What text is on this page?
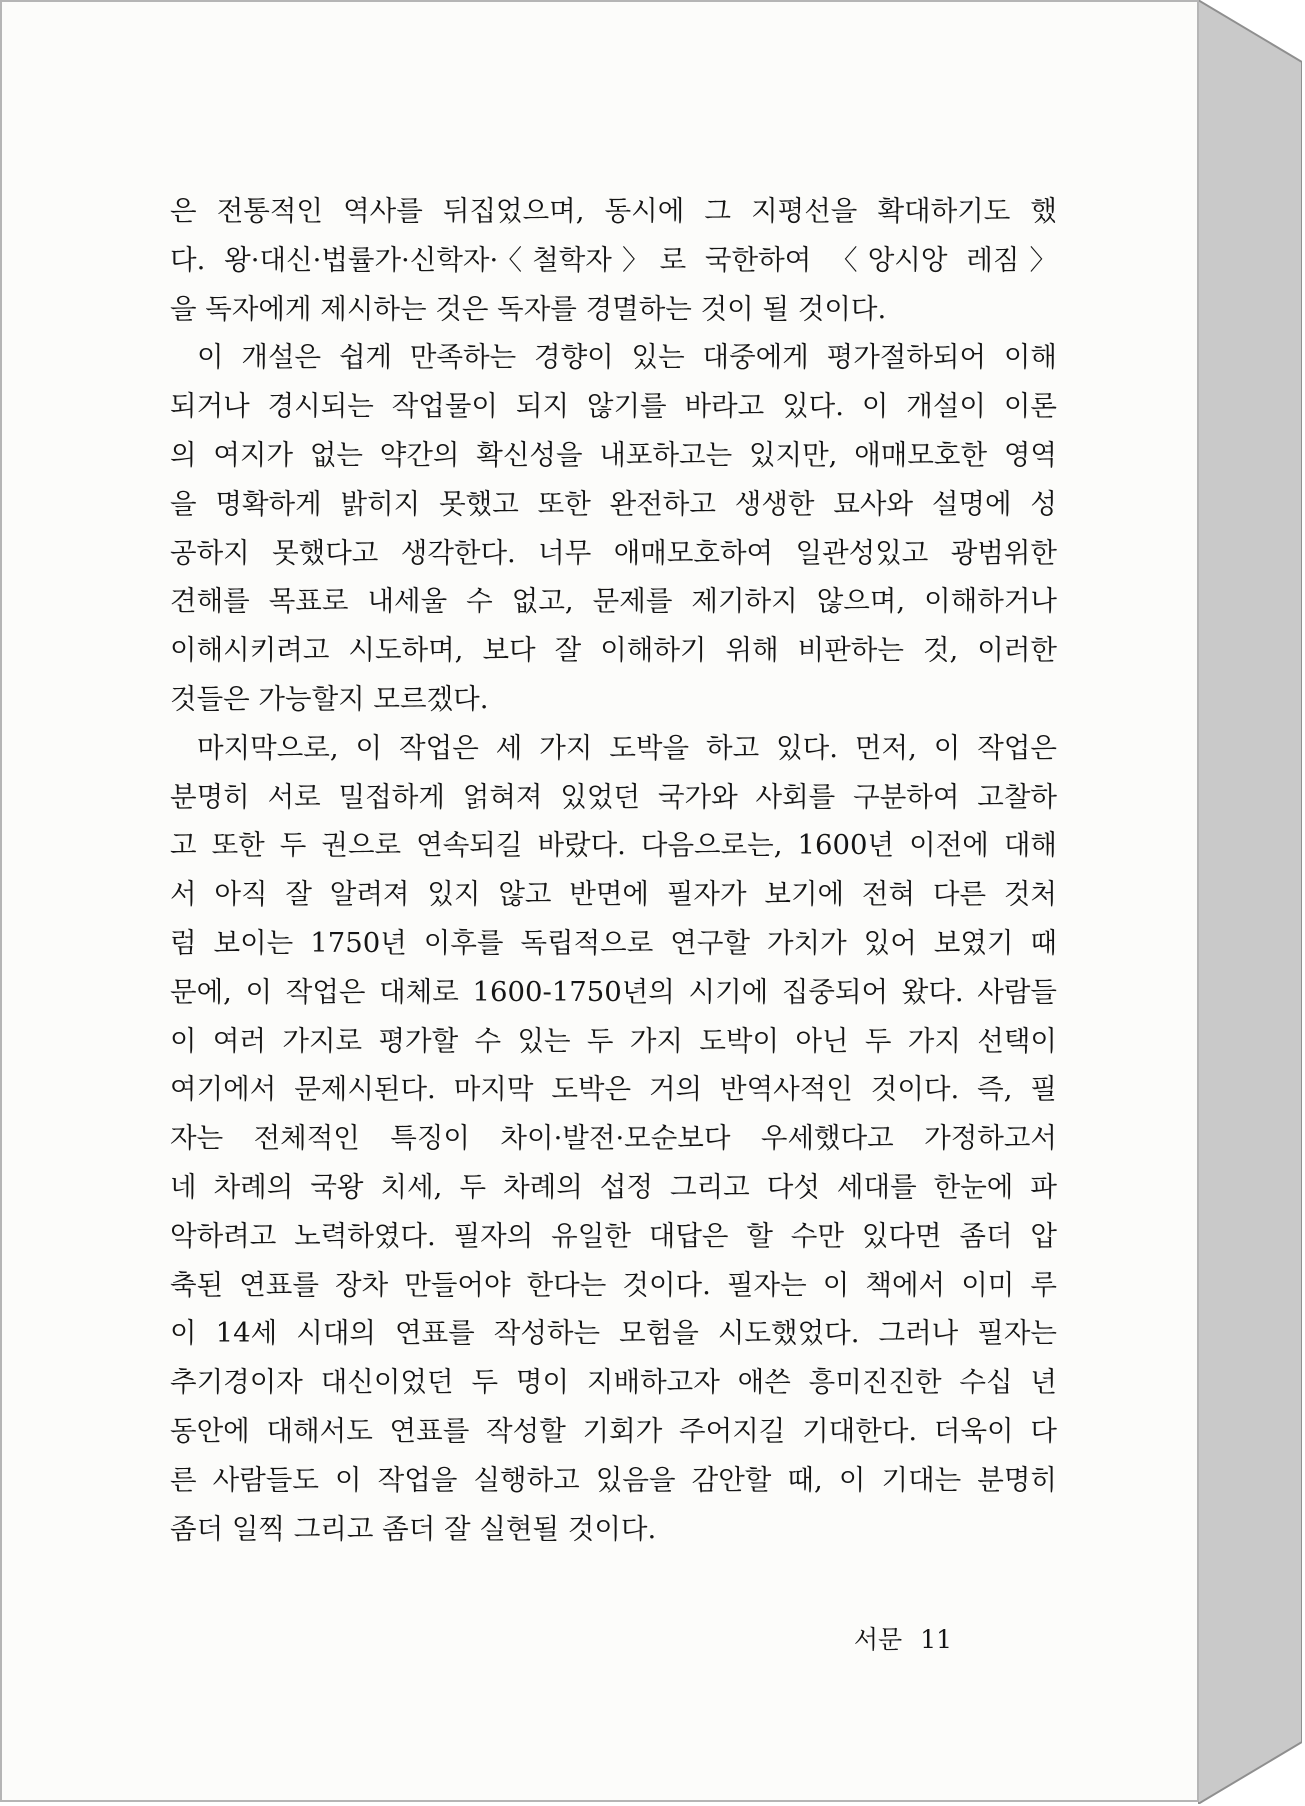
은 전통적인 역사를 뒤집었으며, 동시에 그 지평선을 확대하기도 했
다. 왕·대신·법률가·신학자·〈철학자〉로 국한하여 〈앙시앙 레짐〉
을 독자에게 제시하는 것은 독자를 경멸하는 것이 될 것이다.
이 개설은 쉽게 만족하는 경향이 있는 대중에게 평가절하되어 이해
되거나 경시되는 작업물이 되지 않기를 바라고 있다. 이 개설이 이론
의 여지가 없는 약간의 확신성을 내포하고는 있지만, 애매모호한 영역
을 명확하게 밝히지 못했고 또한 완전하고 생생한 묘사와 설명에 성
공하지 못했다고 생각한다. 너무 애매모호하여 일관성있고 광범위한
견해를 목표로 내세울 수 없고, 문제를 제기하지 않으며, 이해하거나
이해시키려고 시도하며, 보다 잘 이해하기 위해 비판하는 것, 이러한
것들은 가능할지 모르겠다.
마지막으로, 이 작업은 세 가지 도박을 하고 있다. 먼저, 이 작업은
분명히 서로 밀접하게 얽혀져 있었던 국가와 사회를 구분하여 고찰하
고 또한 두 권으로 연속되길 바랐다. 다음으로는, 1600년 이전에 대해
서 아직 잘 알려져 있지 않고 반면에 필자가 보기에 전혀 다른 것처
럼 보이는 1750년 이후를 독립적으로 연구할 가치가 있어 보였기 때
문에, 이 작업은 대체로 1600-1750년의 시기에 집중되어 왔다. 사람들
이 여러 가지로 평가할 수 있는 두 가지 도박이 아닌 두 가지 선택이
여기에서 문제시된다. 마지막 도박은 거의 반역사적인 것이다. 즉, 필
자는 전체적인 특징이 차이·발전·모순보다 우세했다고 가정하고서
네 차례의 국왕 치세, 두 차례의 섭정 그리고 다섯 세대를 한눈에 파
악하려고 노력하였다. 필자의 유일한 대답은 할 수만 있다면 좀더 압
축된 연표를 장차 만들어야 한다는 것이다. 필자는 이 책에서 이미 루
이 14세 시대의 연표를 작성하는 모험을 시도했었다. 그러나 필자는
추기경이자 대신이었던 두 명이 지배하고자 애쓴 흥미진진한 수십 년
동안에 대해서도 연표를 작성할 기회가 주어지길 기대한다. 더욱이 다
른 사람들도 이 작업을 실행하고 있음을 감안할 때, 이 기대는 분명히
좀더 일찍 그리고 좀더 잘 실현될 것이다.
서문 11
